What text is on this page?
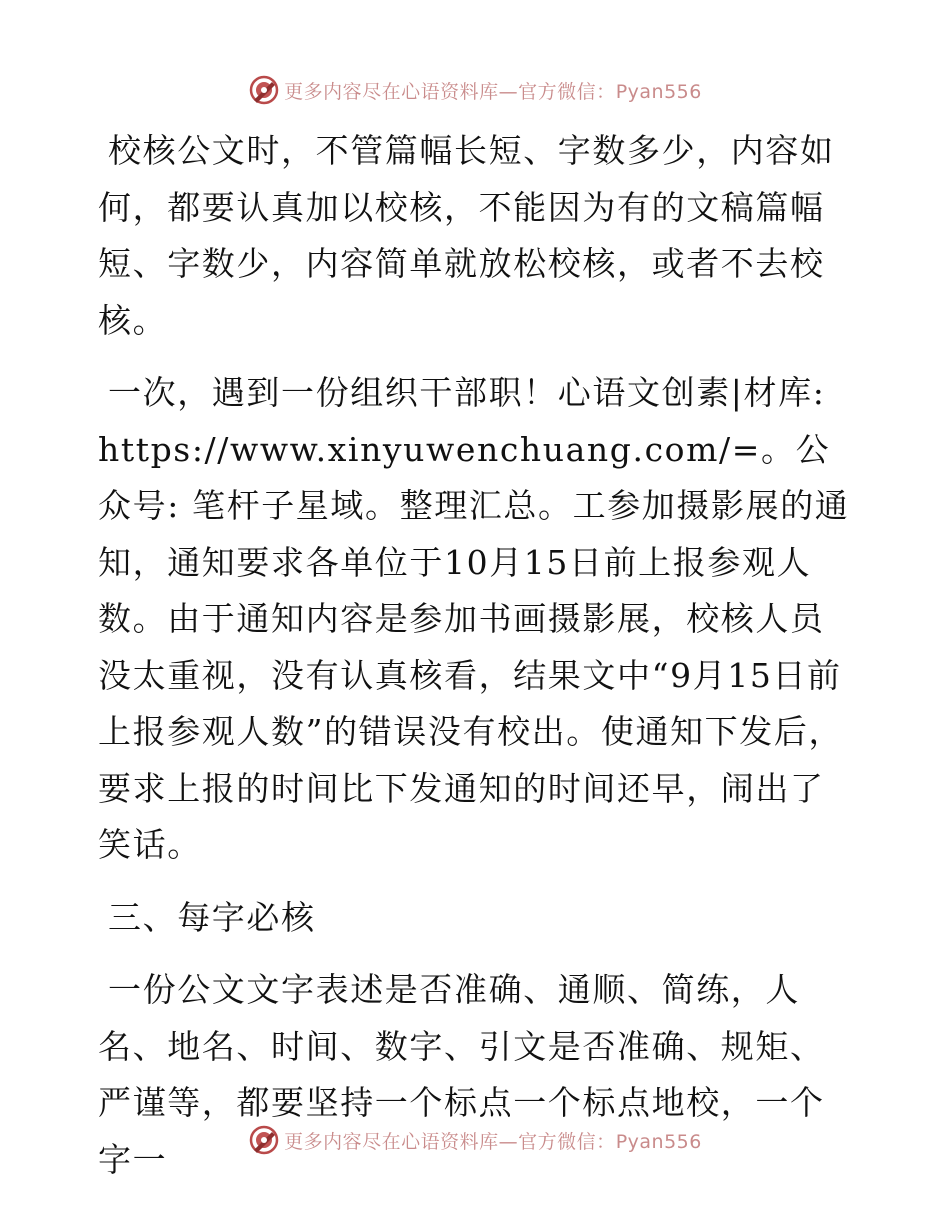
更多内容尽在心语资料库—官方微信：Pyan556

校核公文时，不管篇幅长短、字数多少，内容如何，都要认真加以校核，不能因为有的文稿篇幅短、字数少，内容简单就放松校核，或者不去校核。

一次，遇到一份组织干部职！心语文创素|材库: https://www.xinyuwenchuang.com/=。公众号: 笔杆子星域。整理汇总。工参加摄影展的通知，通知要求各单位于10月15日前上报参观人数。由于通知内容是参加书画摄影展，校核人员没太重视，没有认真核看，结果文中“9月15日前上报参观人数”的错误没有校出。使通知下发后，要求上报的时间比下发通知的时间还早，闹出了笑话。

三、每字必核

一份公文文字表述是否准确、通顺、简练，人名、地名、时间、数字、引文是否准确、规矩、严谨等，都要坚持一个标点一个标点地校，一个字一	更多内容尽在心语资料库—官方微信：Pyan556
